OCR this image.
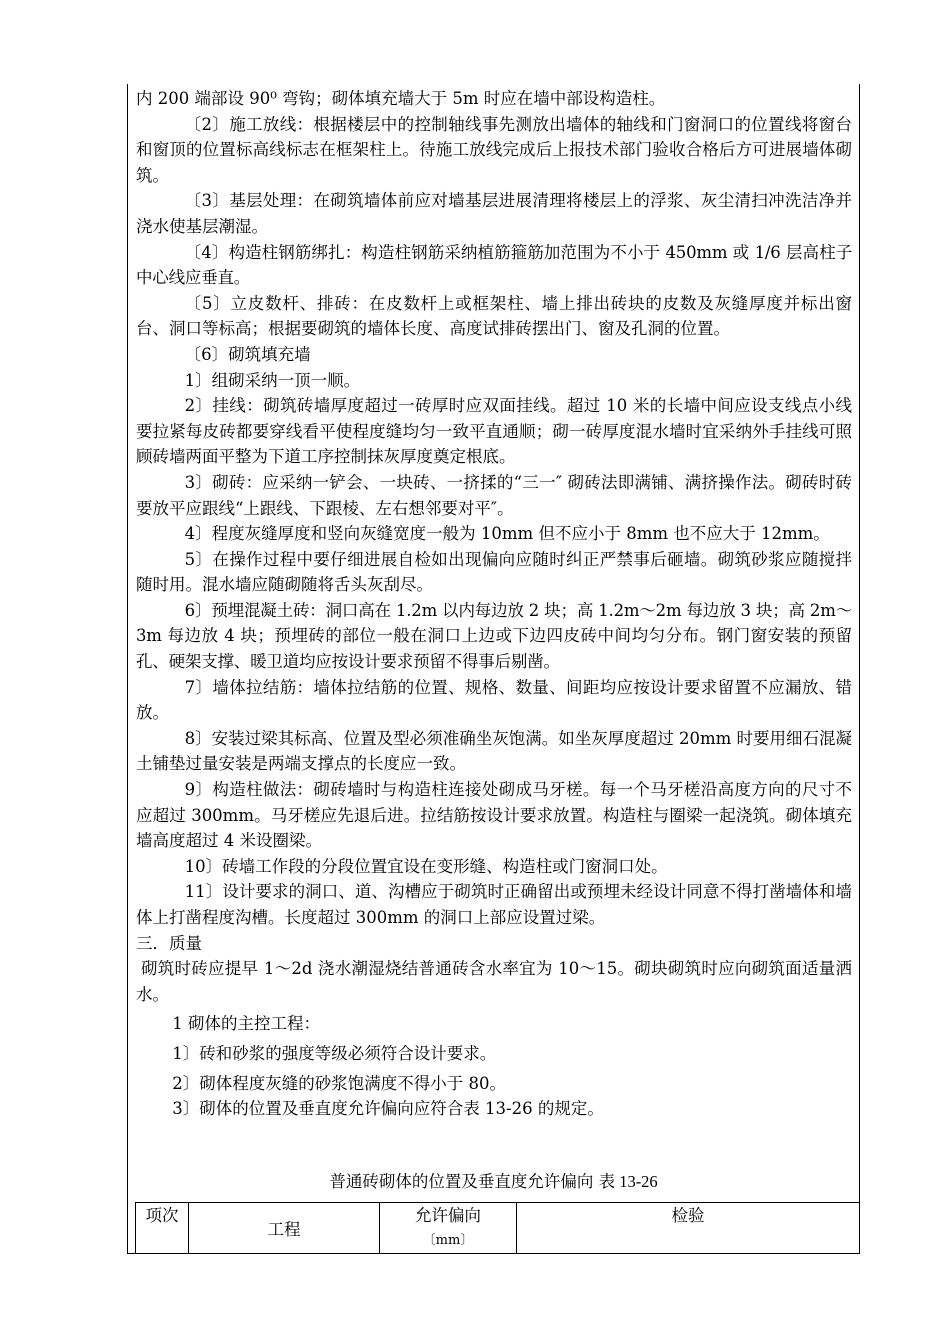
内 200 端部设 90⁰ 弯钩；砌体填充墙大于 5m 时应在墙中部设构造柱。

〔2〕施工放线：根据楼层中的控制轴线事先测放出墙体的轴线和门窗洞口的位置线将窗台和窗顶的位置标高线标志在框架柱上。待施工放线完成后上报技术部门验收合格后方可进展墙体砌筑。

〔3〕基层处理：在砌筑墙体前应对墙基层进展清理将楼层上的浮浆、灰尘清扫冲洗洁净并浇水使基层潮湿。

〔4〕构造柱钢筋绑扎：构造柱钢筋采纳植筋箍筋加范围为不小于 450mm 或 1/6 层高柱子中心线应垂直。

〔5〕立皮数杆、排砖：在皮数杆上或框架柱、墙上排出砖块的皮数及灰缝厚度并标出窗台、洞口等标高；根据要砌筑的墙体长度、高度试排砖摆出门、窗及孔洞的位置。

〔6〕砌筑填充墙

1〕组砌采纳一顶一顺。

2〕挂线：砌筑砖墙厚度超过一砖厚时应双面挂线。超过 10 米的长墙中间应设支线点小线要拉紧每皮砖都要穿线看平使程度缝均匀一致平直通顺；砌一砖厚度混水墙时宜采纳外手挂线可照顾砖墙两面平整为下道工序控制抹灰厚度奠定根底。

3〕砌砖：应采纳一铲会、一块砖、一挤揉的“三一″ 砌砖法即满铺、满挤操作法。砌砖时砖要放平应跟线“上跟线、下跟棱、左右想邻要对平″。

4〕程度灰缝厚度和竖向灰缝宽度一般为 10mm 但不应小于 8mm 也不应大于 12mm。

5〕在操作过程中要仔细进展自检如出现偏向应随时纠正严禁事后砸墙。砌筑砂浆应随搅拌随时用。混水墙应随砌随将舌头灰刮尽。

6〕预埋混凝土砖：洞口高在 1.2m 以内每边放 2 块；高 1.2m～2m 每边放 3 块；高 2m～3m 每边放 4 块；预埋砖的部位一般在洞口上边或下边四皮砖中间均匀分布。钢门窗安装的预留孔、硬架支撑、暖卫道均应按设计要求预留不得事后剔凿。

7〕墙体拉结筋：墙体拉结筋的位置、规格、数量、间距均应按设计要求留置不应漏放、错放。

8〕安装过梁其标高、位置及型必须准确坐灰饱满。如坐灰厚度超过 20mm 时要用细石混凝土铺垫过量安装是两端支撑点的长度应一致。

9〕构造柱做法：砌砖墙时与构造柱连接处砌成马牙槎。每一个马牙槎沿高度方向的尺寸不应超过 300mm。马牙槎应先退后进。拉结筋按设计要求放置。构造柱与圈梁一起浇筑。砌体填充墙高度超过 4 米设圈梁。

10〕砖墙工作段的分段位置宜设在变形缝、构造柱或门窗洞口处。

11〕设计要求的洞口、道、沟槽应于砌筑时正确留出或预埋未经设计同意不得打凿墙体和墙体上打凿程度沟槽。长度超过 300mm 的洞口上部应设置过梁。

三．质量

砌筑时砖应提早 1～2d 浇水潮湿烧结普通砖含水率宜为 10～15。砌块砌筑时应向砌筑面适量洒水。

1 砌体的主控工程：

1〕砖和砂浆的强度等级必须符合设计要求。

2〕砌体程度灰缝的砂浆饱满度不得小于 80。

3〕砌体的位置及垂直度允许偏向应符合表 13-26 的规定。

普通砖砌体的位置及垂直度允许偏向 表 13-26
项次	工程	允许偏向
〔mm〕
	检验
